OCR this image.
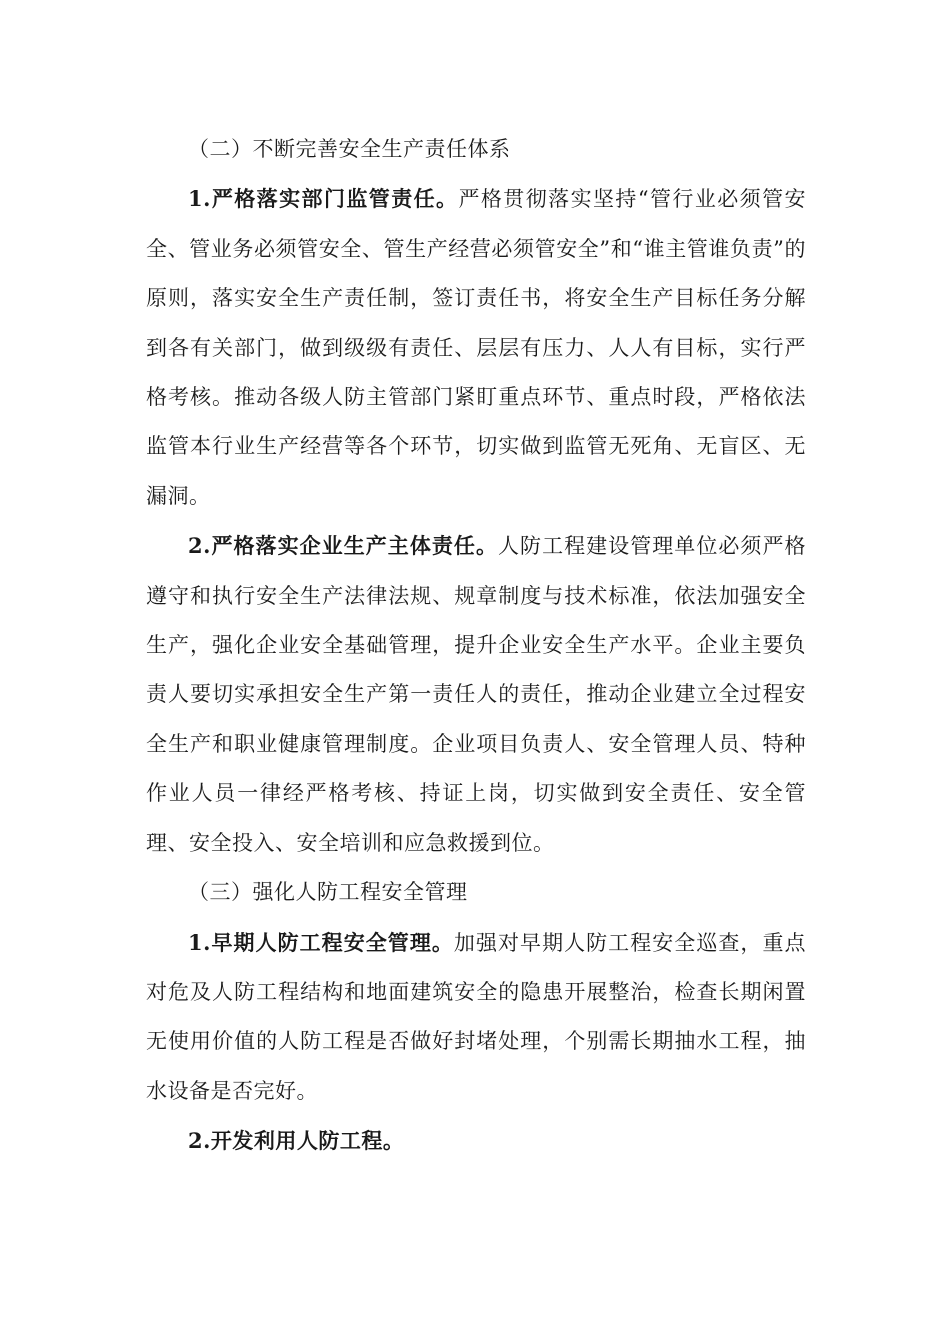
（二）不断完善安全生产责任体系

1.严格落实部门监管责任。严格贯彻落实坚持“管行业必须管安全、管业务必须管安全、管生产经营必须管安全”和“谁主管谁负责”的原则，落实安全生产责任制，签订责任书，将安全生产目标任务分解到各有关部门，做到级级有责任、层层有压力、人人有目标，实行严格考核。推动各级人防主管部门紧盯重点环节、重点时段，严格依法监管本行业生产经营等各个环节，切实做到监管无死角、无盲区、无漏洞。

2.严格落实企业生产主体责任。人防工程建设管理单位必须严格遵守和执行安全生产法律法规、规章制度与技术标准，依法加强安全生产，强化企业安全基础管理，提升企业安全生产水平。企业主要负责人要切实承担安全生产第一责任人的责任，推动企业建立全过程安全生产和职业健康管理制度。企业项目负责人、安全管理人员、特种作业人员一律经严格考核、持证上岗，切实做到安全责任、安全管理、安全投入、安全培训和应急救援到位。

（三）强化人防工程安全管理

1.早期人防工程安全管理。加强对早期人防工程安全巡查，重点对危及人防工程结构和地面建筑安全的隐患开展整治，检查长期闲置无使用价值的人防工程是否做好封堵处理，个别需长期抽水工程，抽水设备是否完好。

2.开发利用人防工程。
